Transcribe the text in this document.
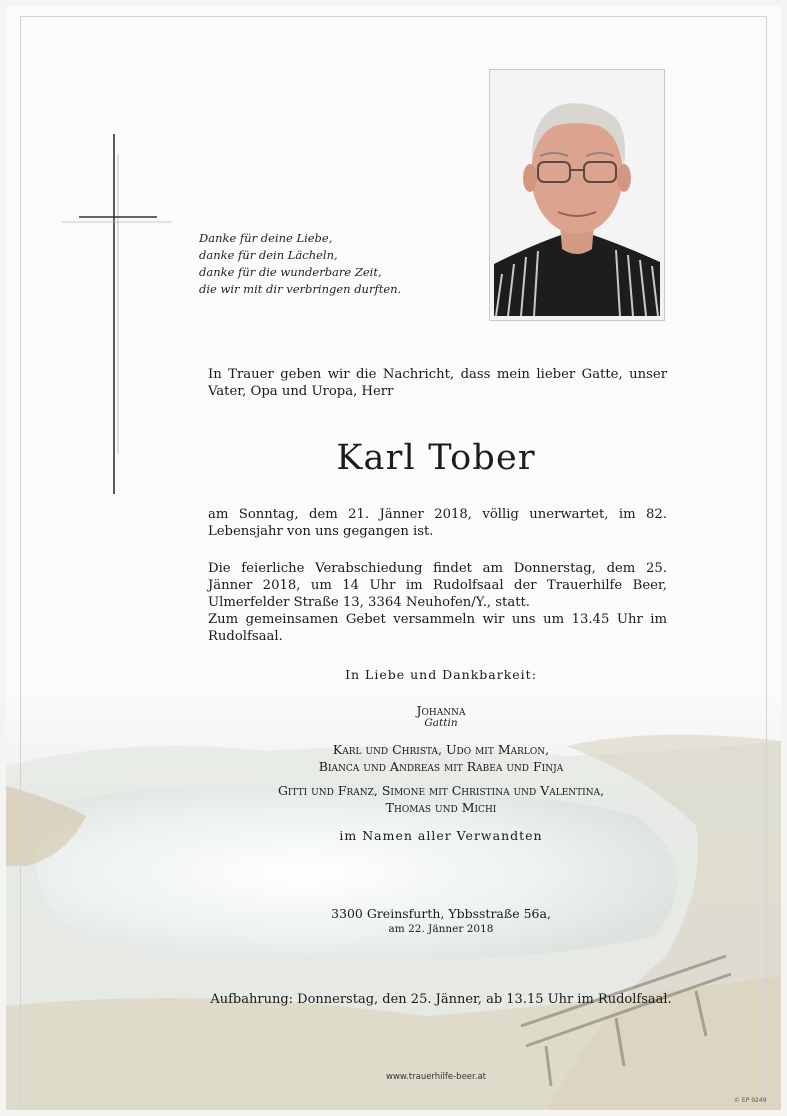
Danke für deine Liebe,
danke für dein Lächeln,
danke für die wunderbare Zeit,
die wir mit dir verbringen durften.
In Trauer geben wir die Nachricht, dass mein lieber Gatte, unser Vater, Opa und Uropa, Herr
Karl Tober
am Sonntag, dem 21. Jänner 2018, völlig unerwartet, im 82. Lebensjahr von uns gegangen ist.
Die feierliche Verabschiedung findet am Donnerstag, dem 25. Jänner 2018, um 14 Uhr im Rudolfsaal der Trauerhilfe Beer, Ulmerfelder Straße 13, 3364 Neuhofen/Y., statt.
Zum gemeinsamen Gebet versammeln wir uns um 13.45 Uhr im Rudolfsaal.
In Liebe und Dankbarkeit:
Johanna
Gattin
Karl und Christa, Udo mit Marlon,
Bianca und Andreas mit Rabea und Finja
Gitti und Franz, Simone mit Christina und Valentina,
Thomas und Michi
im Namen aller Verwandten
3300 Greinsfurth, Ybbsstraße 56a,
am 22. Jänner 2018
Aufbahrung: Donnerstag, den 25. Jänner, ab 13.15 Uhr im Rudolfsaal.
www.trauerhilfe-beer.at
© EP 9249
